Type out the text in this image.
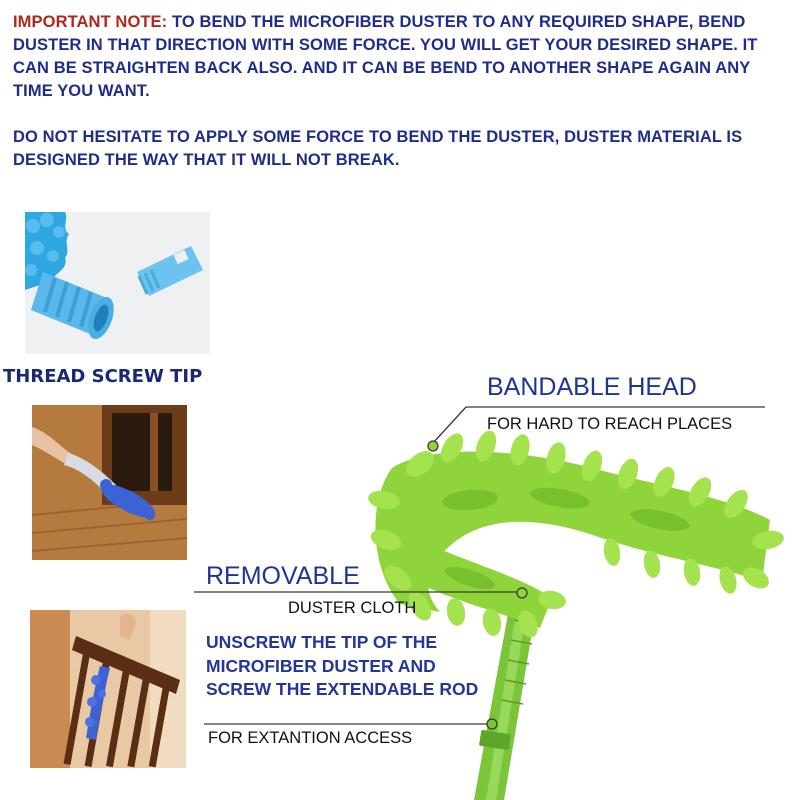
IMPORTANT NOTE: TO BEND THE MICROFIBER DUSTER TO ANY REQUIRED SHAPE, BEND DUSTER IN THAT DIRECTION WITH SOME FORCE. YOU WILL GET YOUR DESIRED SHAPE. IT CAN BE STRAIGHTEN BACK ALSO. AND IT CAN BE BEND TO ANOTHER SHAPE AGAIN ANY TIME YOU WANT.

DO NOT HESITATE TO APPLY SOME FORCE TO BEND THE DUSTER, DUSTER MATERIAL IS DESIGNED THE WAY THAT IT WILL NOT BREAK.

THREAD SCREW TIP	BANDABLE HEAD

FOR HARD TO REACH PLACES

REMOVABLE

DUSTER CLOTH

UNSCREW THE TIP OF THE MICROFIBER DUSTER AND SCREW THE EXTENDABLE ROD

FOR EXTANTION ACCESS
